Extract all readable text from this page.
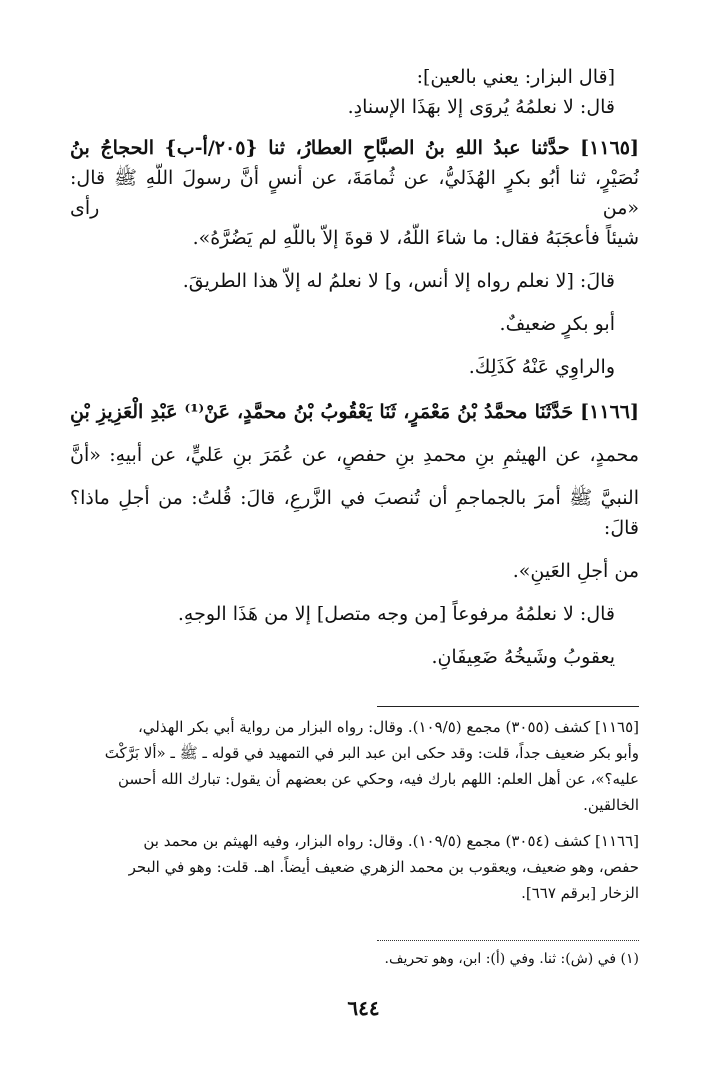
[قال البزار: يعني بالعين]:
قال: لا نعلمُهُ يُروَى إلا بهَذَا الإسنادِ.
[١١٦٥] حدَّثنا عبدُ اللهِ بنُ الصبَّاحِ العطارُ، ثنا {٢٠٥/أ-ب} الحجاجُ بنُ
نُصَيْرٍ، ثنا أبُو بكرٍ الهُذَليُّ، عن ثُمامَةَ، عن أنسٍ أنَّ رسولَ اللَّهِ ﷺ قال: «من رأى
شيئاً فأعجَبَهُ فقال: ما شاءَ اللَّهُ، لا قوةَ إلاّ باللَّهِ لم يَضُرَّهُ».
قالَ: [لا نعلم رواه إلا أنس، و] لا نعلمُ له إلاّ هذا الطريقَ.
أبو بكرٍ ضعيفٌ.
والراوِي عَنْهُ كَذَلِكَ.
[١١٦٦] حَدَّثَنَا محمَّدُ بْنُ مَعْمَرٍ، ثَنَا يَعْقُوبُ بْنُ محمَّدٍ، عَنْ⁽¹⁾ عَبْدِ الْعَزِيزِ بْنِ
محمدٍ، عن الهيثمِ بنِ محمدِ بنِ حفصٍ، عن عُمَرَ بنِ عَليٍّ، عن أبيهِ: «أنَّ
النبيَّ ﷺ أمرَ بالجماجمِ أن تُنصبَ في الزَّرعِ، قالَ: قُلتُ: من أجلِ ماذا؟ قالَ:
من أجلِ العَينِ».
قال: لا نعلمُهُ مرفوعاً [من وجه متصل] إلا من هَذَا الوجهِ.
يعقوبُ وشَيخُهُ ضَعِيفَانِ.
[١١٦٥] كشف (٣٠٥٥) مجمع (١٠٩/٥). وقال: رواه البزار من رواية أبي بكر الهذلي،
وأبو بكر ضعيف جداً، قلت: وقد حكى ابن عبد البر في التمهيد في قوله ـ ﷺ ـ «ألا بَرَّكْتَ
عليه؟»، عن أهل العلم: اللهم بارك فيه، وحكي عن بعضهم أن يقول: تبارك الله أحسن
الخالقين.
[١١٦٦] كشف (٣٠٥٤) مجمع (١٠٩/٥). وقال: رواه البزار، وفيه الهيثم بن محمد بن
حفص، وهو ضعيف، ويعقوب بن محمد الزهري ضعيف أيضاً. اهـ. قلت: وهو في البحر
الزخار [برقم ٦٦٧].
(١) في (ش): ثنا. وفي (أ): ابن، وهو تحريف.
٦٤٤
